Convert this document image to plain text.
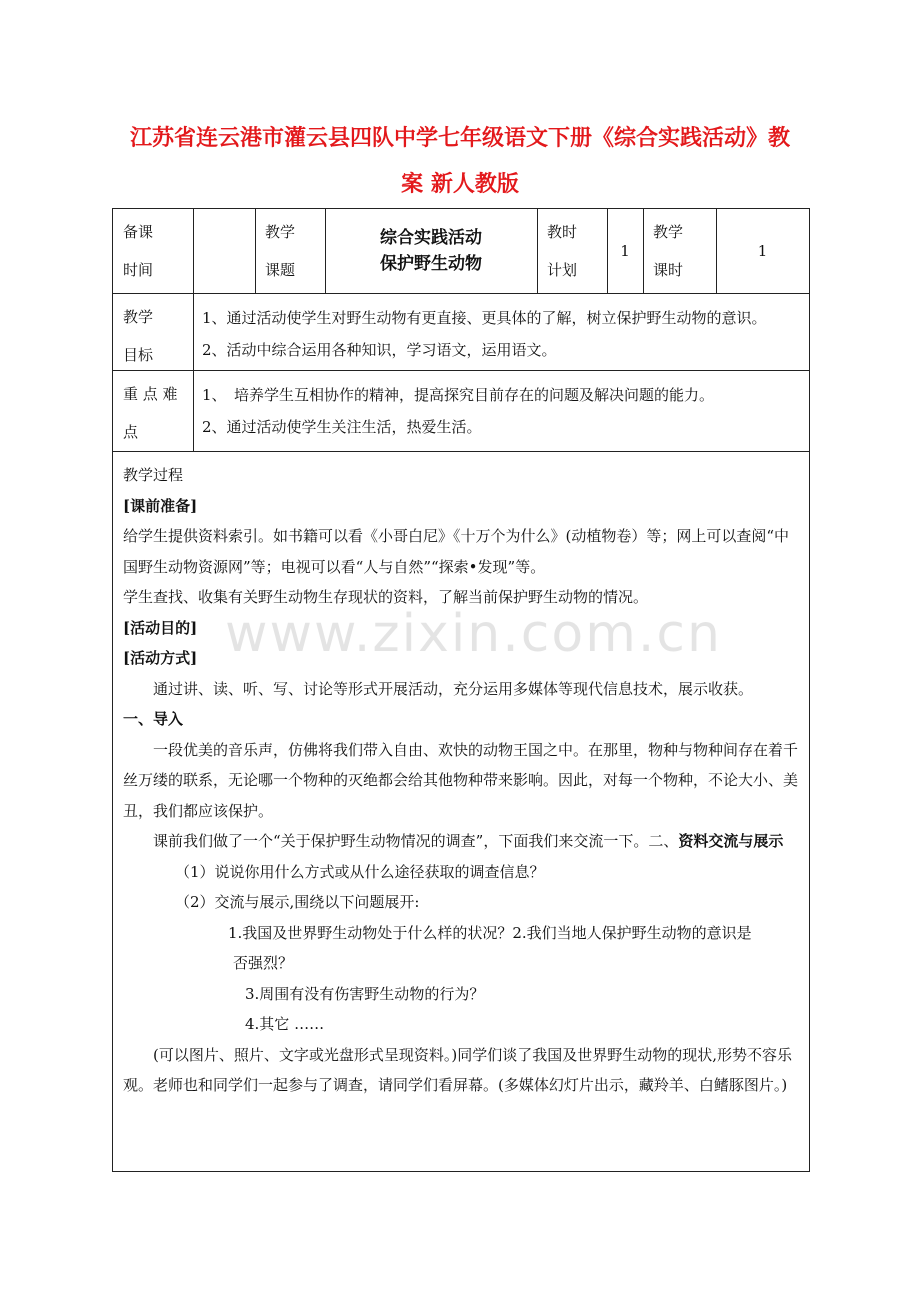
江苏省连云港市灌云县四队中学七年级语文下册《综合实践活动》教
案 新人教版
备课
时间
教学
课题
综合实践活动
保护野生动物
教时
计划
1
教学
课时
1
教学
目标
1、通过活动使学生对野生动物有更直接、更具体的了解，树立保护野生动物的意识。
2、活动中综合运用各种知识，学习语文，运用语文。
重 点 难
点
1、　培养学生互相协作的精神，提高探究目前存在的问题及解决问题的能力。
2、通过活动使学生关注生活，热爱生活。

教学过程

[课前准备]

给学生提供资料索引。如书籍可以看《小哥白尼》《十万个为什么》(动植物卷）等；网上可以查阅“中国野生动物资源网”等；电视可以看“人与自然”“探索•发现”等。

学生查找、收集有关野生动物生存现状的资料，了解当前保护野生动物的情况。

[活动目的]

[活动方式]

通过讲、读、听、写、讨论等形式开展活动，充分运用多媒体等现代信息技术，展示收获。

一、导入

一段优美的音乐声，仿佛将我们带入自由、欢快的动物王国之中。在那里，物种与物种间存在着千丝万缕的联系，无论哪一个物种的灭绝都会给其他物种带来影响。因此，对每一个物种，不论大小、美丑，我们都应该保护。

课前我们做了一个“关于保护野生动物情况的调查”，下面我们来交流一下。二、资料交流与展示

（1）说说你用什么方式或从什么途径获取的调查信息？

（2）交流与展示,围绕以下问题展开:

1.我国及世界野生动物处于什么样的状况？2.我们当地人保护野生动物的意识是

否强烈？

3.周围有没有伤害野生动物的行为？

4.其它 ……

(可以图片、照片、文字或光盘形式呈现资料。)同学们谈了我国及世界野生动物的现状,形势不容乐观。老师也和同学们一起参与了调查，请同学们看屏幕。(多媒体幻灯片出示，藏羚羊、白鳍豚图片。)

www.zixin.com.cn
